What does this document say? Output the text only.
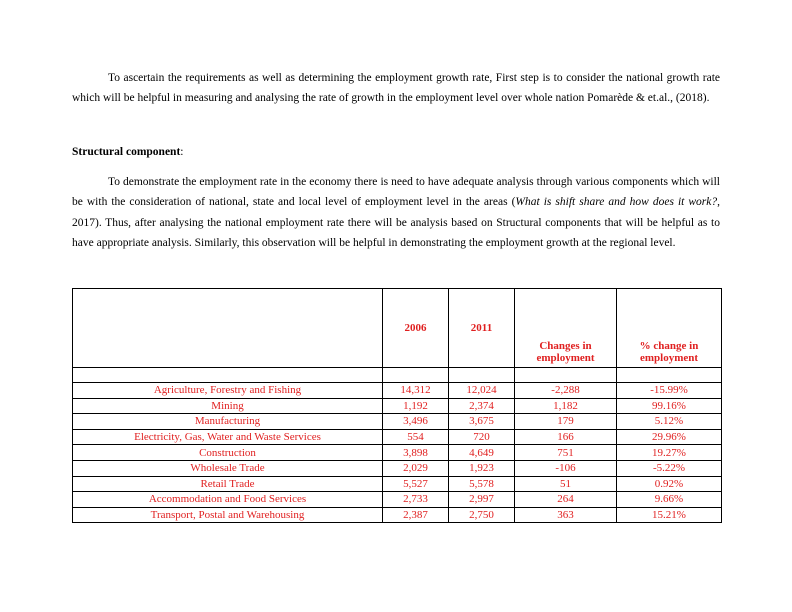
To ascertain the requirements as well as determining the employment growth rate, First step is to consider the national growth rate which will be helpful in measuring and analysing the rate of growth in the employment level over whole nation Pomarède & et.al., (2018).

Structural component:

To demonstrate the employment rate in the economy there is need to have adequate analysis through various components which will be with the consideration of national, state and local level of employment level in the areas (What is shift share and how does it work?, 2017). Thus, after analysing the national employment rate there will be analysis based on Structural components that will be helpful as to have appropriate analysis. Similarly, this observation will be helpful in demonstrating the employment growth at the regional level.

	2006	2011	Changes in employment	% change in employment

Agriculture, Forestry and Fishing	14,312	12,024	-2,288	-15.99%
Mining	1,192	2,374	1,182	99.16%
Manufacturing	3,496	3,675	179	5.12%
Electricity, Gas, Water and Waste Services	554	720	166	29.96%
Construction	3,898	4,649	751	19.27%
Wholesale Trade	2,029	1,923	-106	-5.22%
Retail Trade	5,527	5,578	51	0.92%
Accommodation and Food Services	2,733	2,997	264	9.66%
Transport, Postal and Warehousing	2,387	2,750	363	15.21%
